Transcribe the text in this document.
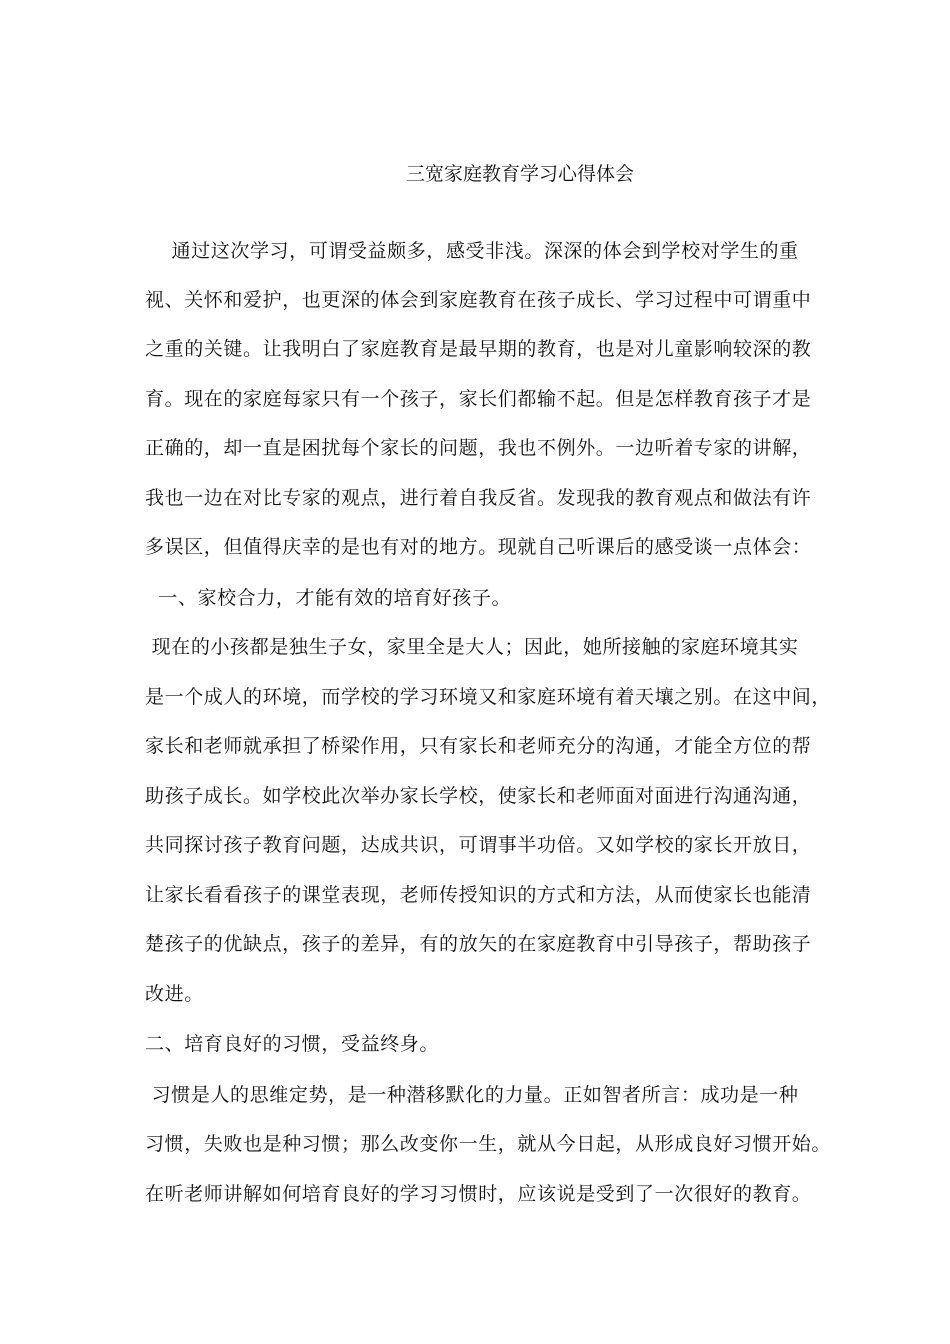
三宽家庭教育学习心得体会
通过这次学习，可谓受益颇多，感受非浅。深深的体会到学校对学生的重
视、关怀和爱护，也更深的体会到家庭教育在孩子成长、学习过程中可谓重中
之重的关键。让我明白了家庭教育是最早期的教育，也是对儿童影响较深的教
育。现在的家庭每家只有一个孩子，家长们都输不起。但是怎样教育孩子才是
正确的，却一直是困扰每个家长的问题，我也不例外。一边听着专家的讲解，
我也一边在对比专家的观点，进行着自我反省。发现我的教育观点和做法有许
多误区，但值得庆幸的是也有对的地方。现就自己听课后的感受谈一点体会：
一、家校合力，才能有效的培育好孩子。
现在的小孩都是独生子女，家里全是大人；因此，她所接触的家庭环境其实
是一个成人的环境，而学校的学习环境又和家庭环境有着天壤之别。在这中间，
家长和老师就承担了桥梁作用，只有家长和老师充分的沟通，才能全方位的帮
助孩子成长。如学校此次举办家长学校，使家长和老师面对面进行沟通沟通，
共同探讨孩子教育问题，达成共识，可谓事半功倍。又如学校的家长开放日，
让家长看看孩子的课堂表现，老师传授知识的方式和方法，从而使家长也能清
楚孩子的优缺点，孩子的差异，有的放矢的在家庭教育中引导孩子，帮助孩子
改进。
二、培育良好的习惯，受益终身。
习惯是人的思维定势，是一种潜移默化的力量。正如智者所言：成功是一种
习惯，失败也是种习惯；那么改变你一生，就从今日起，从形成良好习惯开始。
在听老师讲解如何培育良好的学习习惯时，应该说是受到了一次很好的教育。
